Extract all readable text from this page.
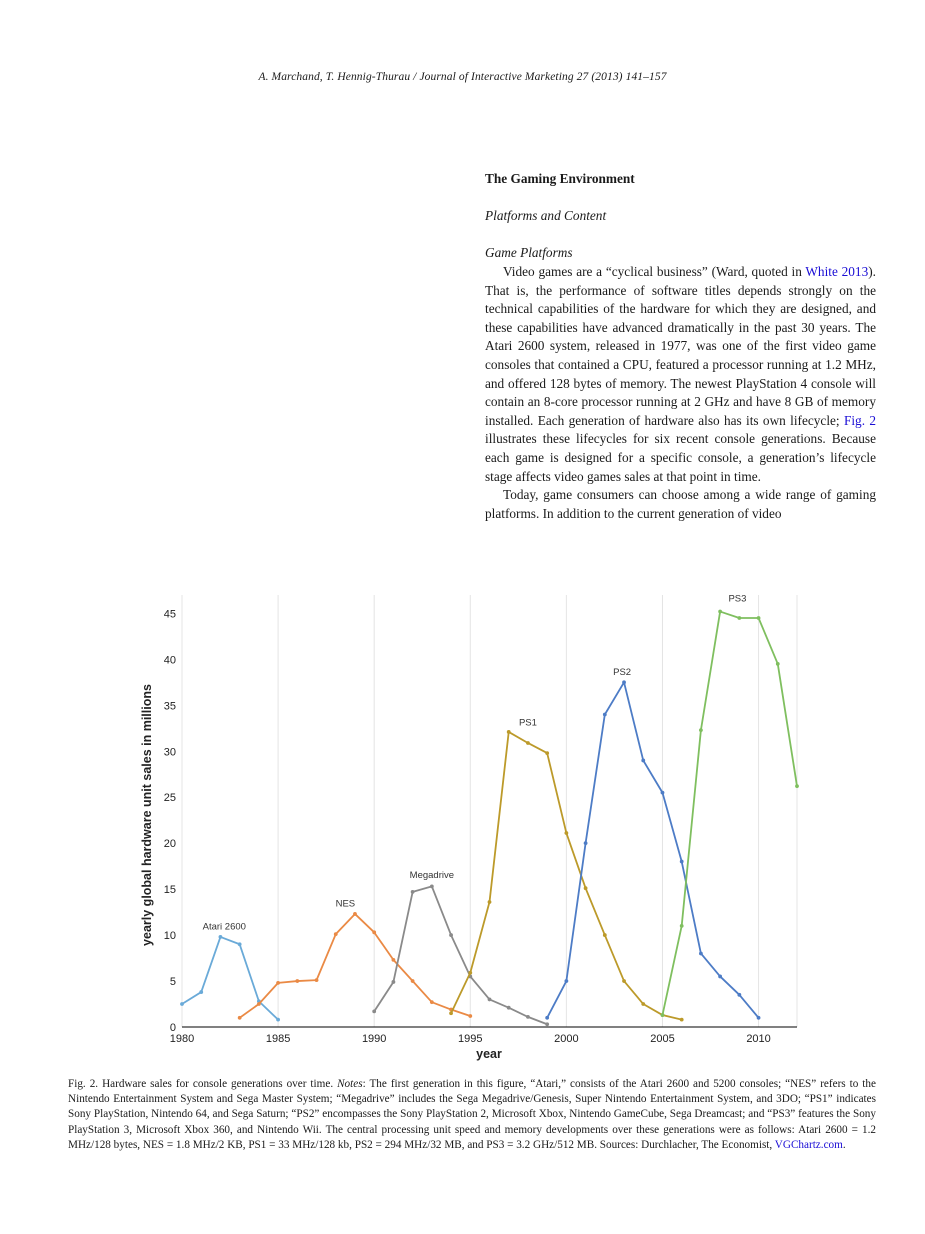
A. Marchand, T. Hennig-Thurau / Journal of Interactive Marketing 27 (2013) 141–157

The Gaming Environment

Platforms and Content

Game Platforms

Video games are a “cyclical business” (Ward, quoted in White 2013). That is, the performance of software titles depends strongly on the technical capabilities of the hardware for which they are designed, and these capabilities have advanced dramatically in the past 30 years. The Atari 2600 system, released in 1977, was one of the first video game consoles that contained a CPU, featured a processor running at 1.2 MHz, and offered 128 bytes of memory. The newest PlayStation 4 console will contain an 8-core processor running at 2 GHz and have 8 GB of memory installed. Each generation of hardware also has its own lifecycle; Fig. 2 illustrates these lifecycles for six recent console generations. Because each game is designed for a specific console, a generation’s lifecycle stage affects video games sales at that point in time.

Today, game consumers can choose among a wide range of gaming platforms. In addition to the current generation of video

0
5
10
15
20
25
30
35
40
45
1980	1985	1990	1995	2000	2005	2010
Atari 2600
NES
Megadrive
PS1
PS2
PS3
year
yearly global hardware unit sales in millions
Fig. 2. Hardware sales for console generations over time. Notes: The first generation in this figure, “Atari,” consists of the Atari 2600 and 5200 consoles; “NES” refers to the Nintendo Entertainment System and Sega Master System; “Megadrive” includes the Sega Megadrive/Genesis, Super Nintendo Entertainment System, and 3DO; “PS1” indicates Sony PlayStation, Nintendo 64, and Sega Saturn; “PS2” encompasses the Sony PlayStation 2, Microsoft Xbox, Nintendo GameCube, Sega Dreamcast; and “PS3” features the Sony PlayStation 3, Microsoft Xbox 360, and Nintendo Wii. The central processing unit speed and memory developments over these generations were as follows: Atari 2600 = 1.2 MHz/128 bytes, NES = 1.8 MHz/2 KB, PS1 = 33 MHz/128 kb, PS2 = 294 MHz/32 MB, and PS3 = 3.2 GHz/512 MB. Sources: Durchlacher, The Economist, VGChartz.com.
